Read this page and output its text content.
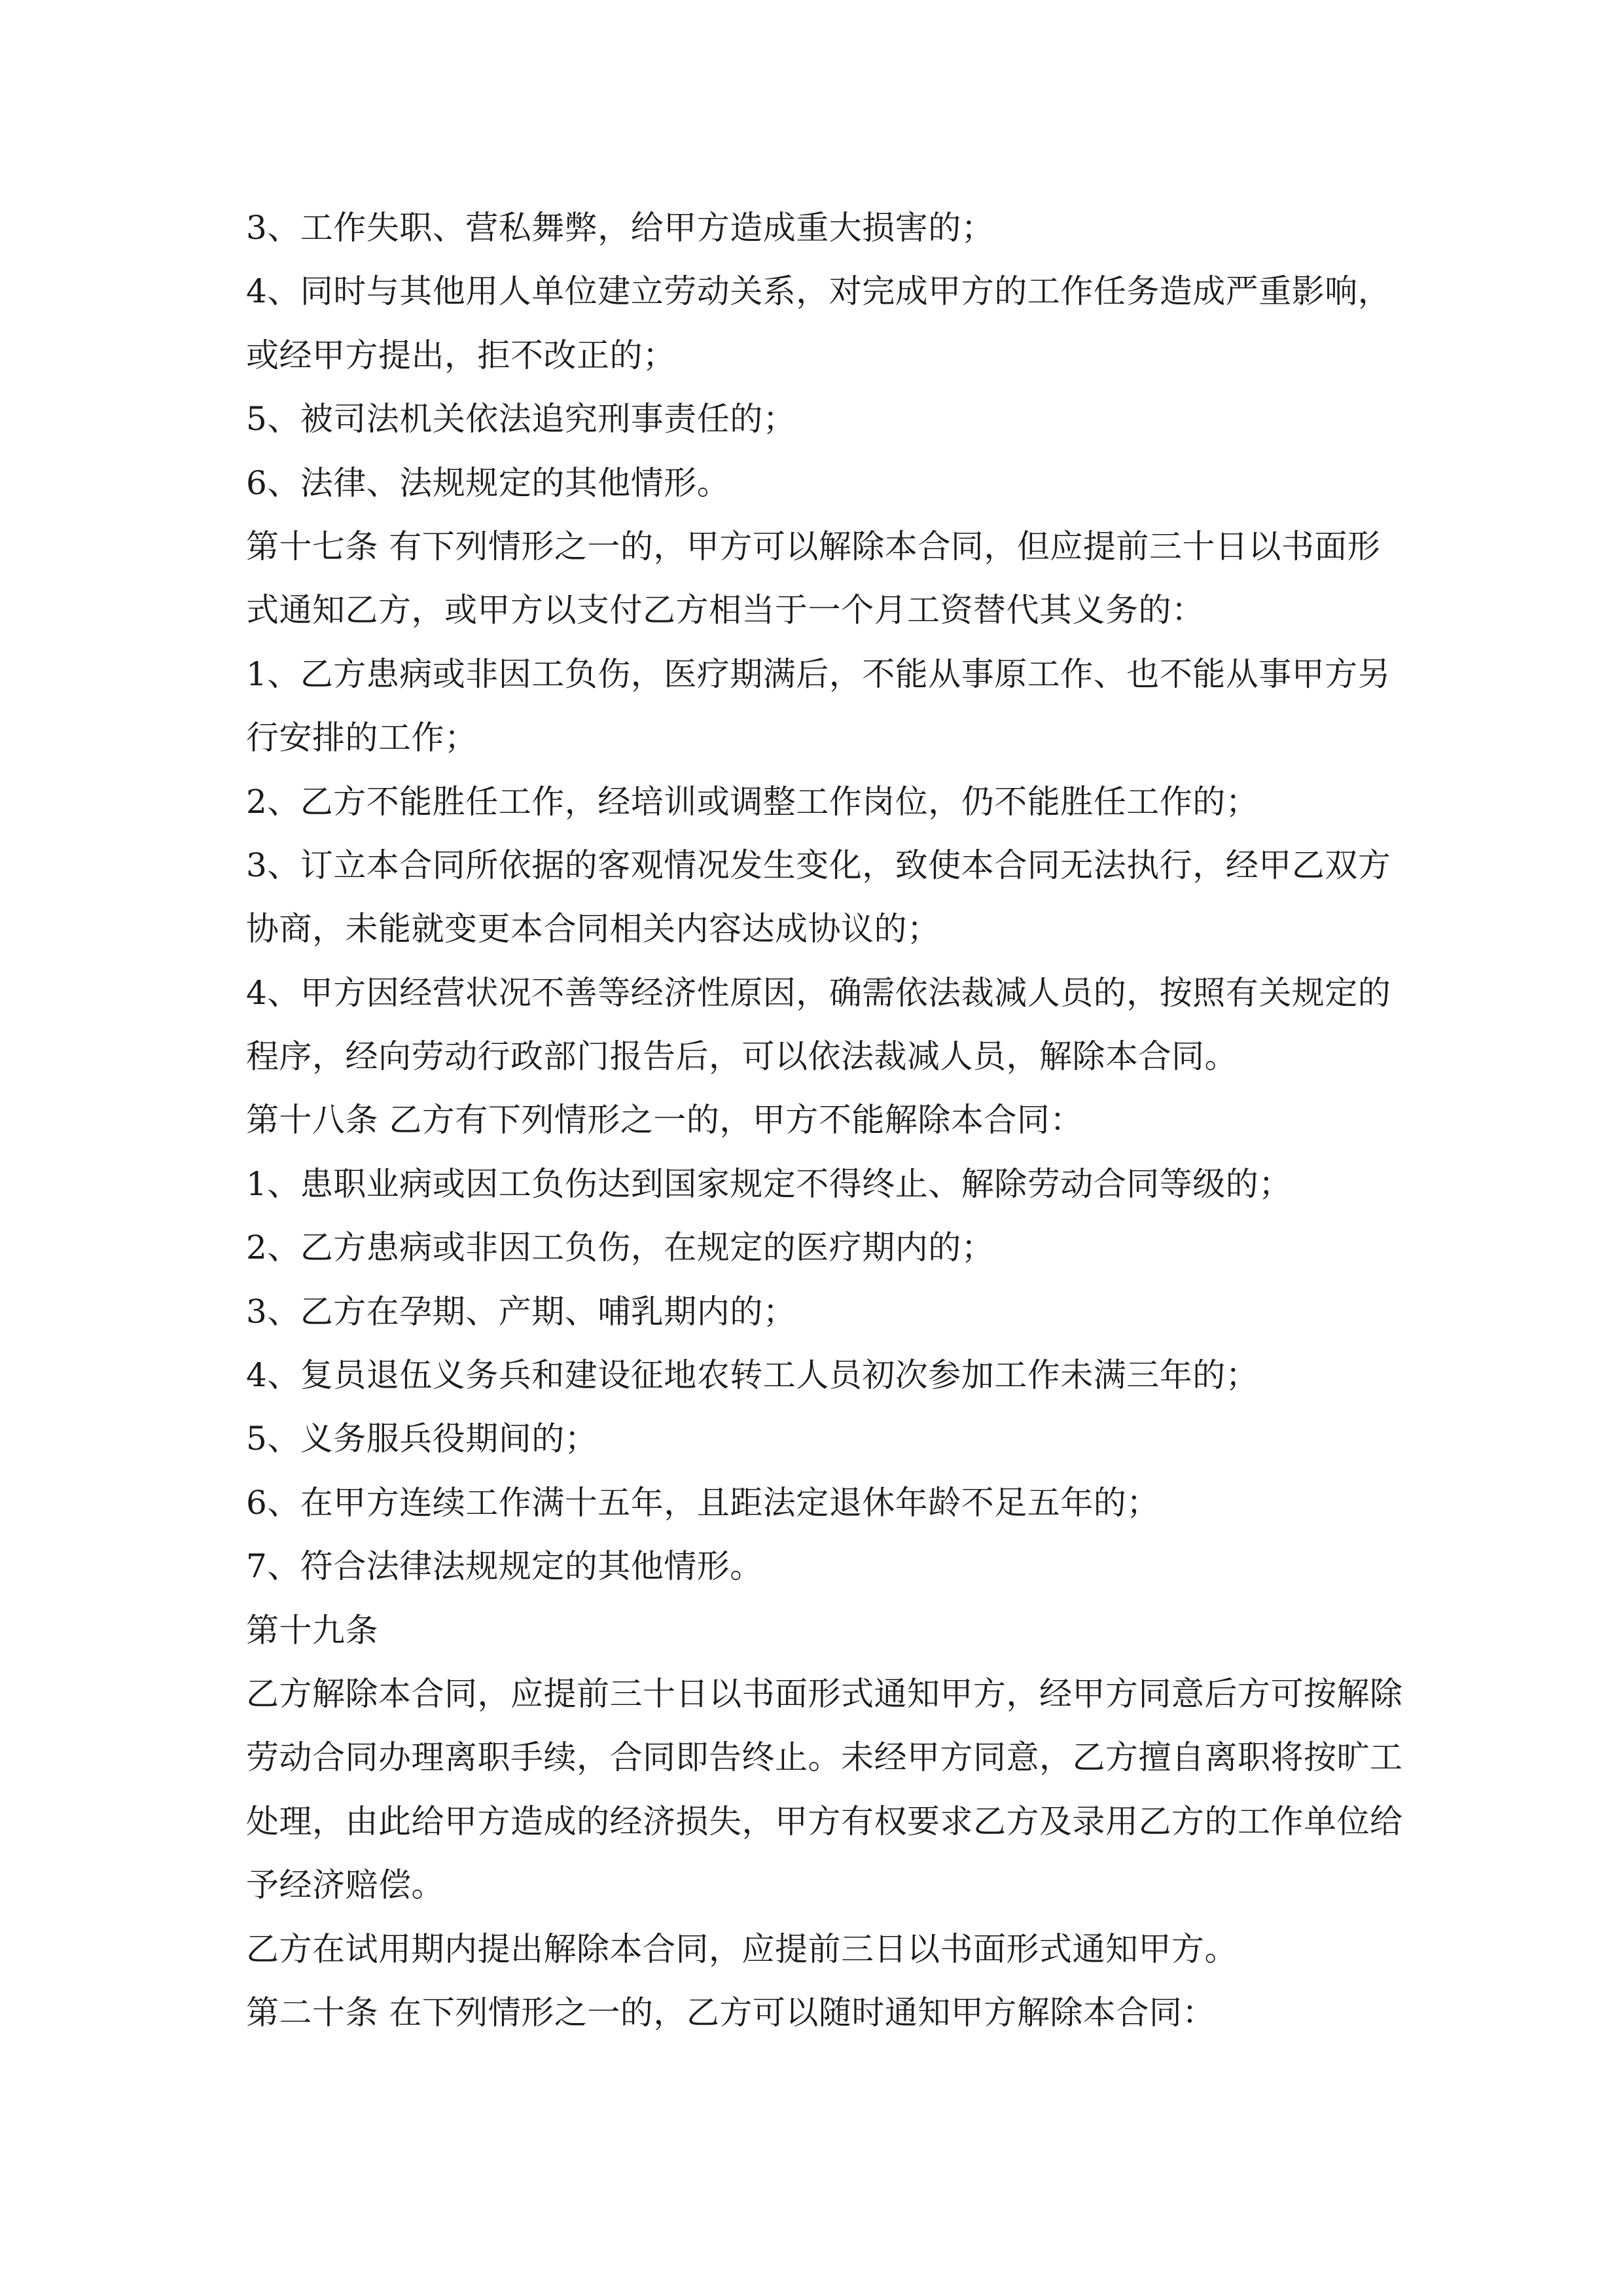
3、工作失职、营私舞弊，给甲方造成重大损害的；
4、同时与其他用人单位建立劳动关系，对完成甲方的工作任务造成严重影响，
或经甲方提出，拒不改正的；
5、被司法机关依法追究刑事责任的；
6、法律、法规规定的其他情形。
第十七条 有下列情形之一的，甲方可以解除本合同，但应提前三十日以书面形
式通知乙方，或甲方以支付乙方相当于一个月工资替代其义务的：
1、乙方患病或非因工负伤，医疗期满后，不能从事原工作、也不能从事甲方另
行安排的工作；
2、乙方不能胜任工作，经培训或调整工作岗位，仍不能胜任工作的；
3、订立本合同所依据的客观情况发生变化，致使本合同无法执行，经甲乙双方
协商，未能就变更本合同相关内容达成协议的；
4、甲方因经营状况不善等经济性原因，确需依法裁减人员的，按照有关规定的
程序，经向劳动行政部门报告后，可以依法裁减人员，解除本合同。
第十八条 乙方有下列情形之一的，甲方不能解除本合同：
1、患职业病或因工负伤达到国家规定不得终止、解除劳动合同等级的；
2、乙方患病或非因工负伤，在规定的医疗期内的；
3、乙方在孕期、产期、哺乳期内的；
4、复员退伍义务兵和建设征地农转工人员初次参加工作未满三年的；
5、义务服兵役期间的；
6、在甲方连续工作满十五年，且距法定退休年龄不足五年的；
7、符合法律法规规定的其他情形。
第十九条
乙方解除本合同，应提前三十日以书面形式通知甲方，经甲方同意后方可按解除
劳动合同办理离职手续，合同即告终止。未经甲方同意，乙方擅自离职将按旷工
处理，由此给甲方造成的经济损失，甲方有权要求乙方及录用乙方的工作单位给
予经济赔偿。
乙方在试用期内提出解除本合同，应提前三日以书面形式通知甲方。
第二十条 在下列情形之一的，乙方可以随时通知甲方解除本合同：
